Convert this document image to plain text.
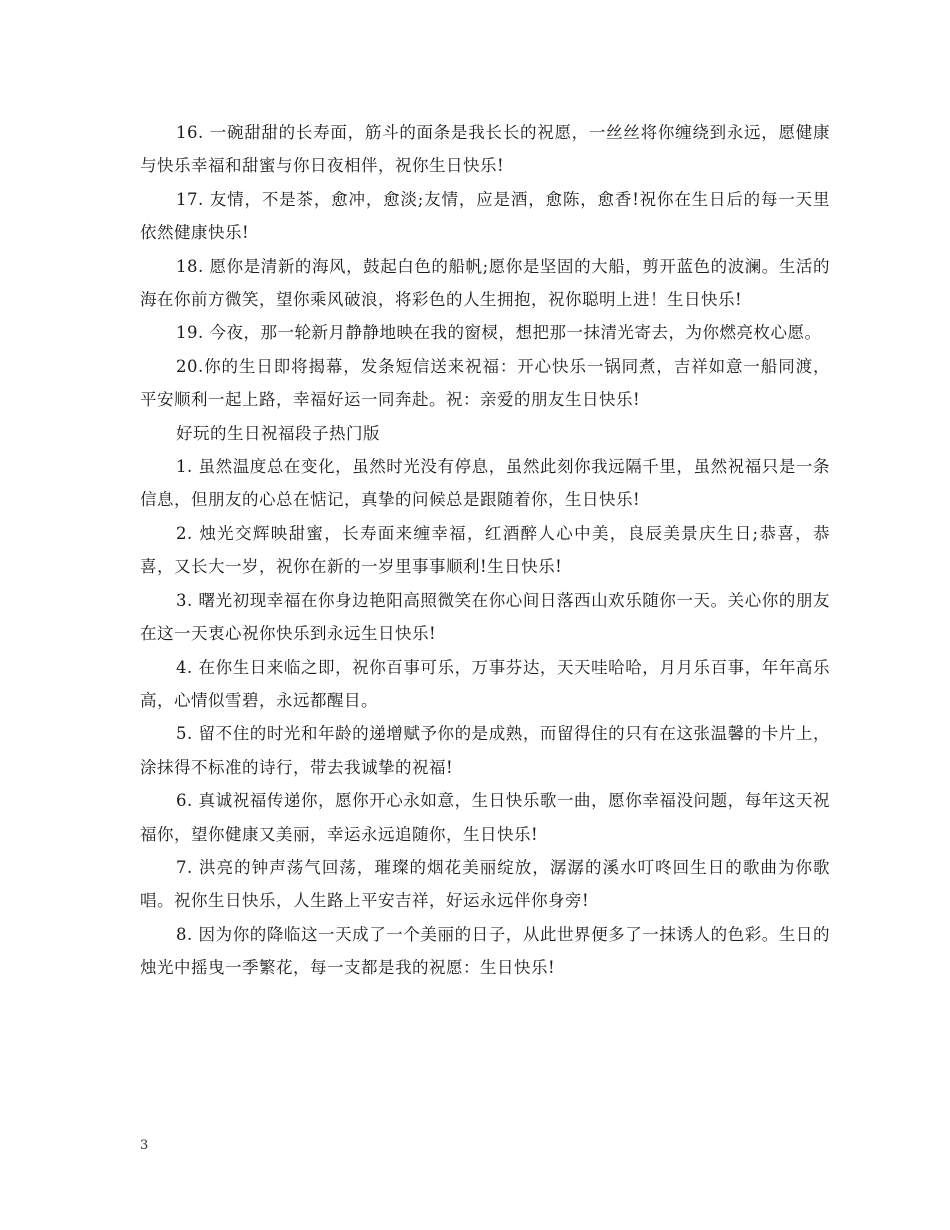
16. 一碗甜甜的长寿面，筋斗的面条是我长长的祝愿，一丝丝将你缠绕到永远，愿健康与快乐幸福和甜蜜与你日夜相伴，祝你生日快乐!

17. 友情，不是茶，愈冲，愈淡;友情，应是酒，愈陈，愈香!祝你在生日后的每一天里依然健康快乐!

18. 愿你是清新的海风，鼓起白色的船帆;愿你是坚固的大船，剪开蓝色的波澜。生活的海在你前方微笑，望你乘风破浪，将彩色的人生拥抱，祝你聪明上进！生日快乐!

19. 今夜，那一轮新月静静地映在我的窗棂，想把那一抹清光寄去，为你燃亮枚心愿。

20.你的生日即将揭幕，发条短信送来祝福：开心快乐一锅同煮，吉祥如意一船同渡，平安顺利一起上路，幸福好运一同奔赴。祝：亲爱的朋友生日快乐!

好玩的生日祝福段子热门版

1. 虽然温度总在变化，虽然时光没有停息，虽然此刻你我远隔千里，虽然祝福只是一条信息，但朋友的心总在惦记，真挚的问候总是跟随着你，生日快乐!

2. 烛光交辉映甜蜜，长寿面来缠幸福，红酒醉人心中美，良辰美景庆生日;恭喜，恭喜，又长大一岁，祝你在新的一岁里事事顺利!生日快乐!

3. 曙光初现幸福在你身边艳阳高照微笑在你心间日落西山欢乐随你一天。关心你的朋友在这一天衷心祝你快乐到永远生日快乐!

4. 在你生日来临之即，祝你百事可乐，万事芬达，天天哇哈哈，月月乐百事，年年高乐高，心情似雪碧，永远都醒目。

5. 留不住的时光和年龄的递增赋予你的是成熟，而留得住的只有在这张温馨的卡片上，涂抹得不标准的诗行，带去我诚挚的祝福!

6. 真诚祝福传递你，愿你开心永如意，生日快乐歌一曲，愿你幸福没问题，每年这天祝福你，望你健康又美丽，幸运永远追随你，生日快乐!

7. 洪亮的钟声荡气回荡，璀璨的烟花美丽绽放，潺潺的溪水叮咚回生日的歌曲为你歌唱。祝你生日快乐，人生路上平安吉祥，好运永远伴你身旁!

8. 因为你的降临这一天成了一个美丽的日子，从此世界便多了一抹诱人的色彩。生日的烛光中摇曳一季繁花，每一支都是我的祝愿：生日快乐!

3
